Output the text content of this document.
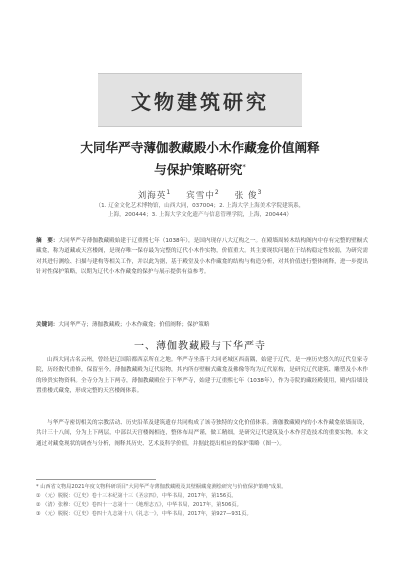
文物建筑研究
大同华严寺薄伽教藏殿小木作藏龛价值阐释
与保护策略研究*
刘海英$^1$ 宾雪中$^2$ 张 俊$^3$
（1. 辽金文化艺术博物馆，山西大同，037004；2. 上海大学上海美术学院建筑系，
上海，200444；3. 上海大学文化遗产与信息管理学院，上海，200444）
摘　要：大同华严寺薄伽教藏殿始建于辽重熙七年（1038年），是国内现存八大辽构之一。在殿墙周转木结构阁内中存有完整的壁橱式藏龛，称为道藏或天宫楼阁，是现存唯一保存最为完整的辽代小木作实物，价值重大。其主要现状问题在于结构稳定性较弱，为研究需对其进行测绘、扫描与建构等相关工作，并以此为据，基于殿堂及小木作藏龛的结构与构造分析，对其价值进行整体阐释，进一步提出针对性保护策略，以期为辽代小木作藏龛的保护与展示提供有益参考。
关键词：大同华严寺；薄伽教藏殿；小木作藏龛；价值阐释；保护策略
一、薄伽教藏殿与下华严寺
山西大同古名云州，曾经是辽国陪都西京所在之地。华严寺坐落于大同老城区西南隅，始建于辽代，是一座历史悠久的辽代皇家寺院，历经数代重修，保留至今。薄伽教藏殿为辽代原物，其内所存壁橱式藏龛及佛像等均为辽代原构，是研究辽代建筑、雕塑及小木作的珍贵实物资料。全寺分为上下两寺，薄伽教藏殿位于下华严寺，始建于辽重熙七年（1038年），作为寺院的藏经殿使用，殿内沿墙设置重楼式藏龛，形成完整的天宫楼阁体系。
与华严寺密切相关的宗教活动、历史沿革及建筑遗存共同构成了该寺独特的文化价值体系。薄伽教藏殿内的小木作藏龛依墙而设，共计三十八间，分为上下两层，中部以天宫楼阁相连，整体布局严谨，做工精细，是研究辽代建筑及小木作营造技术的重要实物。本文通过对藏龛现状的调查与分析，阐释其历史、艺术及科学价值，并据此提出相应的保护策略（图一）。
* 山西省文物局2021年度文物科研项目"大同华严寺薄伽教藏殿及其壁橱藏龛测绘研究与价值保护策略"成果。
① （元）脱脱：《辽史》卷十三本纪第十三《圣宗四》，中华书局，2017年，第156页。
② （清）张穆：《辽史》卷四十一志第十一《地理志五》，中华书局，2017年，第506页。
③ （元）脱脱：《辽史》卷四十九志第十八《礼志一》，中华书局，2017年，第927—931页。
